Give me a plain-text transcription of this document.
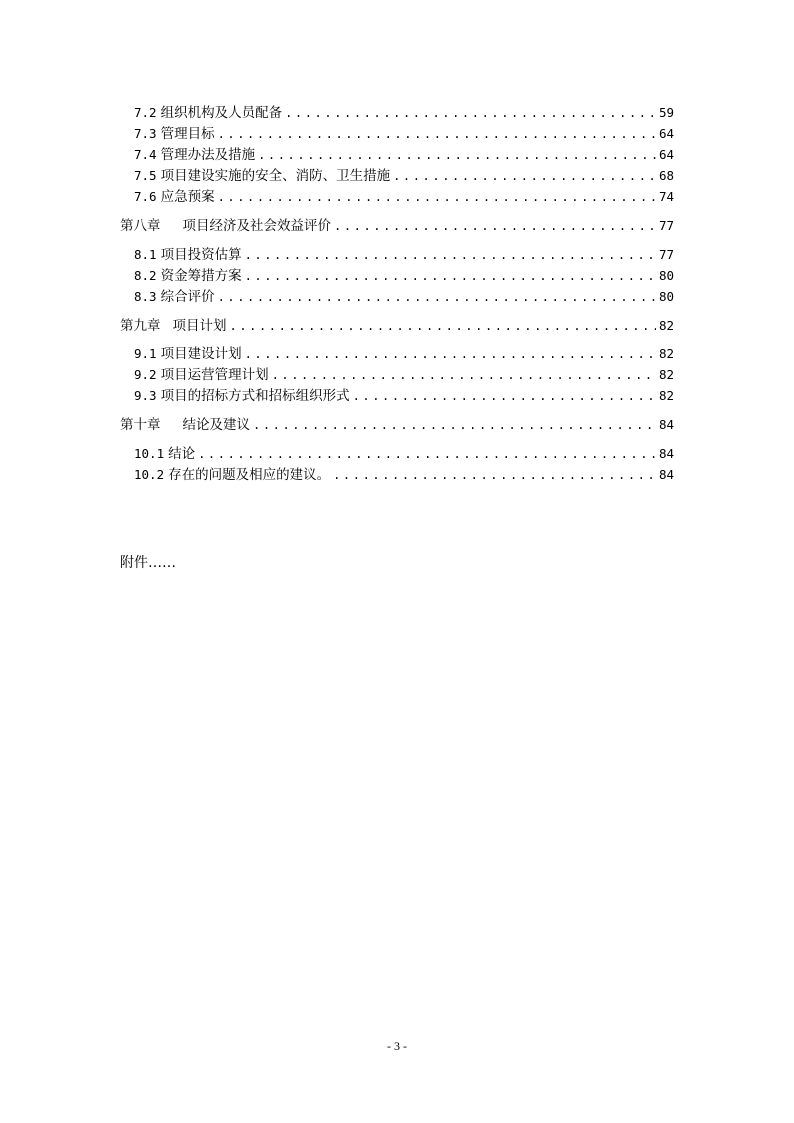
7.2 组织机构及人员配备 .....	59
7.3 管理目标 .....	64
7.4 管理办法及措施 .....	64
7.5 项目建设实施的安全、消防、卫生措施 .....	68
7.6 应急预案 .....	74
第八章 项目经济及社会效益评价 .....	77
8.1 项目投资估算 .....	77
8.2 资金筹措方案 .....	80
8.3 综合评价 .....	80
第九章 项目计划 .....	82
9.1 项目建设计划 .....	82
9.2 项目运营管理计划 .....	82
9.3 项目的招标方式和招标组织形式 .....	82
第十章 结论及建议 .....	84
10.1 结论 .....	84
10.2 存在的问题及相应的建议。 .....	84
附件……
- 3 -
